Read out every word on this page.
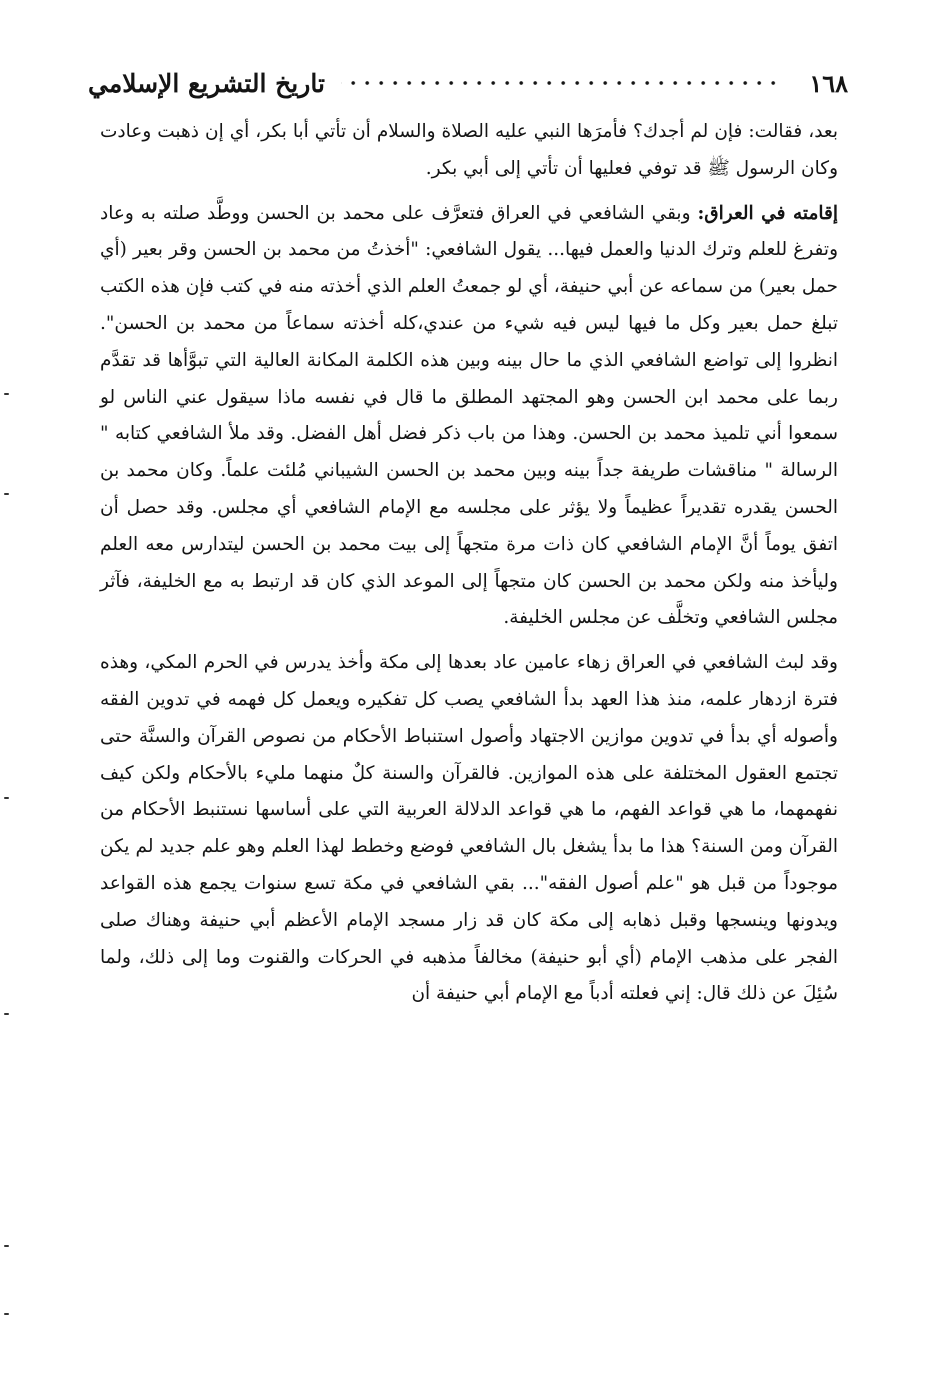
١٦٨
تاريخ التشريع الإسلامي

بعد، فقالت: فإن لم أجدك؟ فأمرَها النبي عليه الصلاة والسلام أن تأتي أبا بكر، أي إن ذهبت وعادت وكان الرسول ﷺ قد توفي فعليها أن تأتي إلى أبي بكر.

إقامته في العراق: وبقي الشافعي في العراق فتعرَّف على محمد بن الحسن ووطَّد صلته به وعاد وتفرغ للعلم وترك الدنيا والعمل فيها... يقول الشافعي: "أخذتُ من محمد بن الحسن وقر بعير (أي حمل بعير) من سماعه عن أبي حنيفة، أي لو جمعتُ العلم الذي أخذته منه في كتب فإن هذه الكتب تبلغ حمل بعير وكل ما فيها ليس فيه شيء من عندي،كله أخذته سماعاً من محمد بن الحسن". انظروا إلى تواضع الشافعي الذي ما حال بينه وبين هذه الكلمة المكانة العالية التي تبوَّأها قد تقدَّم ربما على محمد ابن الحسن وهو المجتهد المطلق ما قال في نفسه ماذا سيقول عني الناس لو سمعوا أني تلميذ محمد بن الحسن. وهذا من باب ذكر فضل أهل الفضل. وقد ملأ الشافعي كتابه " الرسالة " مناقشات طريفة جداً بينه وبين محمد بن الحسن الشيباني مُلئت علماً. وكان محمد بن الحسن يقدره تقديراً عظيماً ولا يؤثر على مجلسه مع الإمام الشافعي أي مجلس. وقد حصل أن اتفق يوماً أنَّ الإمام الشافعي كان ذات مرة متجهاً إلى بيت محمد بن الحسن ليتدارس معه العلم وليأخذ منه ولكن محمد بن الحسن كان متجهاً إلى الموعد الذي كان قد ارتبط به مع الخليفة، فآثر مجلس الشافعي وتخلَّف عن مجلس الخليفة.

وقد لبث الشافعي في العراق زهاء عامين عاد بعدها إلى مكة وأخذ يدرس في الحرم المكي، وهذه فترة ازدهار علمه، منذ هذا العهد بدأ الشافعي يصب كل تفكيره ويعمل كل فهمه في تدوين الفقه وأصوله أي بدأ في تدوين موازين الاجتهاد وأصول استنباط الأحكام من نصوص القرآن والسنَّة حتى تجتمع العقول المختلفة على هذه الموازين. فالقرآن والسنة كلٌ منهما مليء بالأحكام ولكن كيف نفهمهما، ما هي قواعد الفهم، ما هي قواعد الدلالة العربية التي على أساسها نستنبط الأحكام من القرآن ومن السنة؟ هذا ما بدأ يشغل بال الشافعي فوضع وخطط لهذا العلم وهو علم جديد لم يكن موجوداً من قبل هو "علم أصول الفقه"... بقي الشافعي في مكة تسع سنوات يجمع هذه القواعد ويدونها وينسجها وقبل ذهابه إلى مكة كان قد زار مسجد الإمام الأعظم أبي حنيفة وهناك صلى الفجر على مذهب الإمام (أي أبو حنيفة) مخالفاً مذهبه في الحركات والقنوت وما إلى ذلك، ولما سُئِلَ عن ذلك قال: إني فعلته أدباً مع الإمام أبي حنيفة أن
